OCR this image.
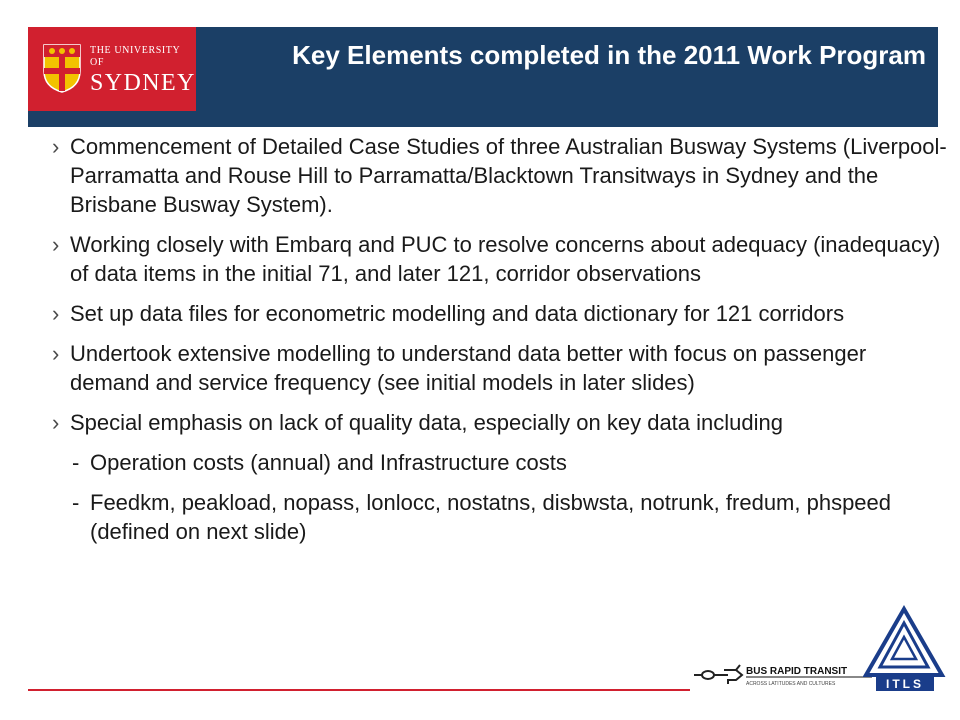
THE UNIVERSITY OF
SYDNEY
Key Elements completed in the 2011 Work Program
› Commencement of Detailed Case Studies of three Australian Busway Systems (Liverpool-Parramatta and Rouse Hill to Parramatta/Blacktown Transitways in Sydney and the Brisbane Busway System).
› Working closely with Embarq and PUC to resolve concerns about adequacy (inadequacy) of data items in the initial 71, and later 121, corridor observations
› Set up data files for econometric modelling and data dictionary for 121 corridors
› Undertook extensive modelling to understand data better with focus on passenger demand and service frequency (see initial models in later slides)
› Special emphasis on lack of quality data, especially on key data including
- Operation costs (annual) and Infrastructure costs
- Feedkm, peakload, nopass, lonlocc, nostatns, disbwsta, notrunk, fredum, phspeed (defined on next slide)
BUS RAPID TRANSIT
ACROSS LATITUDES AND CULTURES	ITLS
